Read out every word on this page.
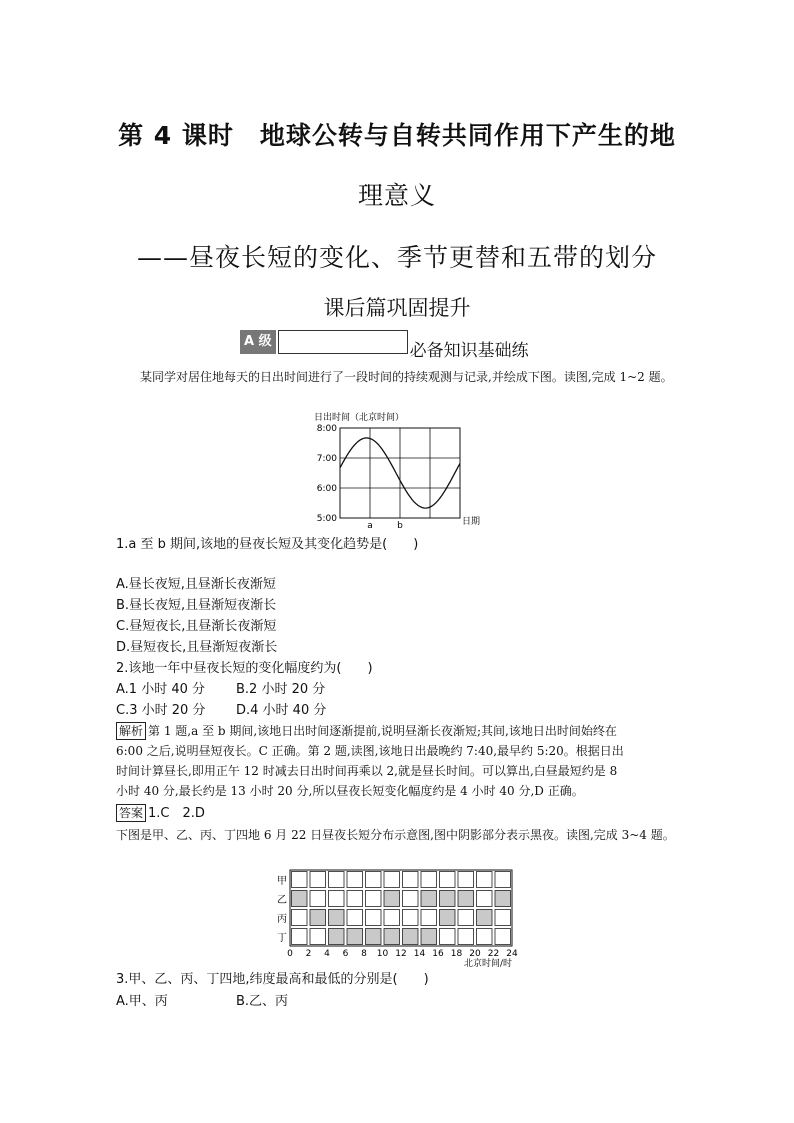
第 4 课时　地球公转与自转共同作用下产生的地
理意义
——昼夜长短的变化、季节更替和五带的划分
课后篇巩固提升
A 级	必备知识基础练
某同学对居住地每天的日出时间进行了一段时间的持续观测与记录,并绘成下图。读图,完成 1~2 题。
日出时间（北京时间）
8:00
7:00
6:00
5:00
a	b	日期
1.a 至 b 期间,该地的昼夜长短及其变化趋势是(　　)
A.昼长夜短,且昼渐长夜渐短
B.昼长夜短,且昼渐短夜渐长
C.昼短夜长,且昼渐长夜渐短
D.昼短夜长,且昼渐短夜渐长
2.该地一年中昼夜长短的变化幅度约为(　　)
A.1 小时 40 分 B.2 小时 20 分
C.3 小时 20 分 D.4 小时 40 分
解析 第 1 题,a 至 b 期间,该地日出时间逐渐提前,说明昼渐长夜渐短;其间,该地日出时间始终在
6:00 之后,说明昼短夜长。C 正确。第 2 题,读图,该地日出最晚约 7:40,最早约 5:20。根据日出
时间计算昼长,即用正午 12 时减去日出时间再乘以 2,就是昼长时间。可以算出,白昼最短约是 8
小时 40 分,最长约是 13 小时 20 分,所以昼夜长短变化幅度约是 4 小时 40 分,D 正确。
答案 1.C　2.D
下图是甲、乙、丙、丁四地 6 月 22 日昼夜长短分布示意图,图中阴影部分表示黑夜。读图,完成 3~4 题。
甲
乙
丙
丁
0 2 4 6 8 10 12 14 16 18 20 22 24
北京时间/时
3.甲、乙、丙、丁四地,纬度最高和最低的分别是(　　)
A.甲、丙	B.乙、丙
